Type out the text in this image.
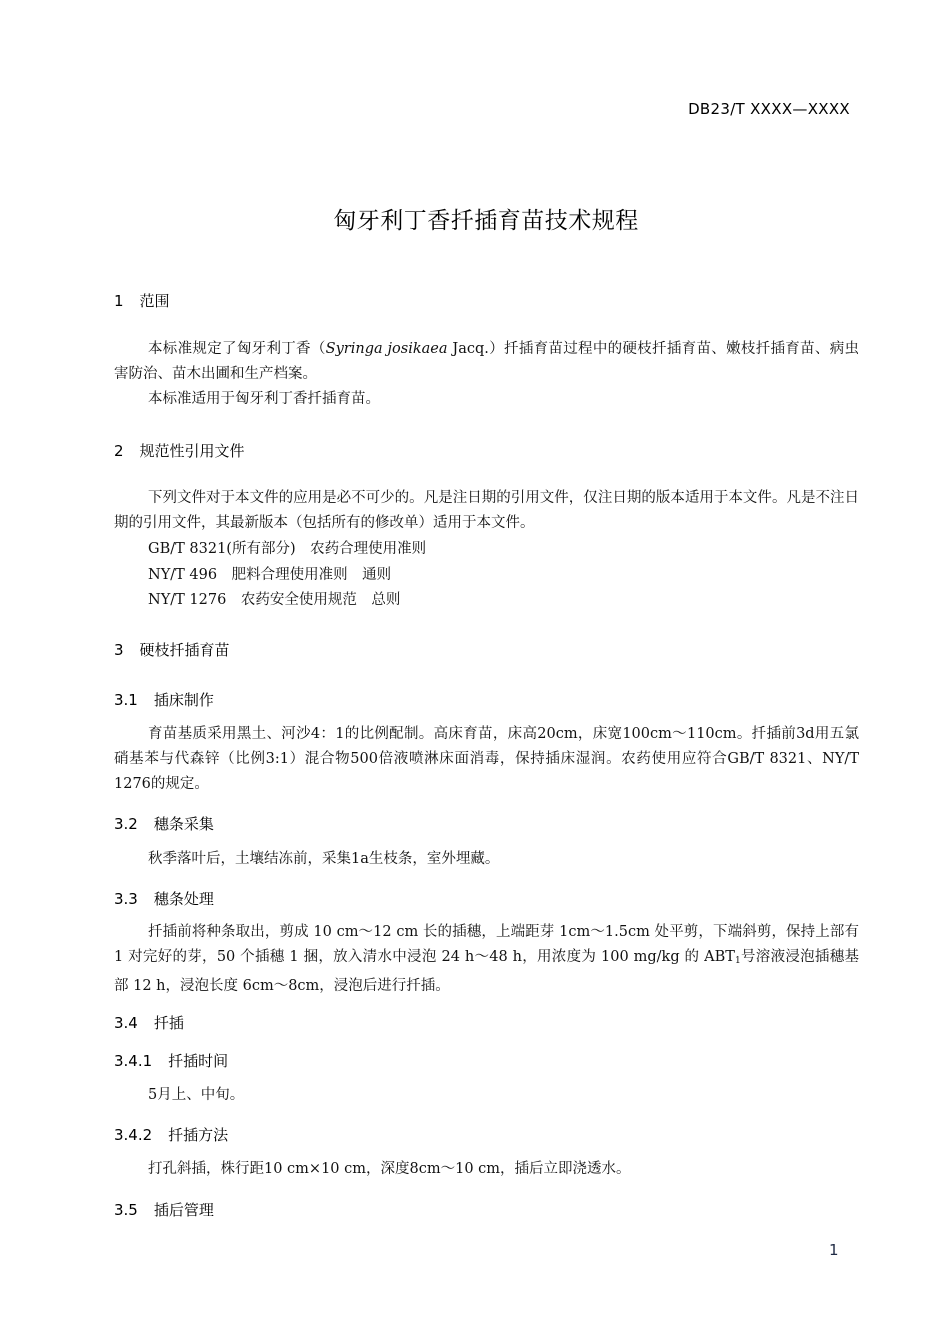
DB23/T XXXX—XXXX
匈牙利丁香扦插育苗技术规程
1 范围
本标准规定了匈牙利丁香（Syringa josikaea Jacq.）扦插育苗过程中的硬枝扦插育苗、嫩枝扦插育苗、病虫害防治、苗木出圃和生产档案。
本标准适用于匈牙利丁香扦插育苗。
2 规范性引用文件
下列文件对于本文件的应用是必不可少的。凡是注日期的引用文件，仅注日期的版本适用于本文件。凡是不注日期的引用文件，其最新版本（包括所有的修改单）适用于本文件。
GB/T 8321(所有部分)　农药合理使用准则
NY/T 496　肥料合理使用准则　通则
NY/T 1276　农药安全使用规范　总则
3 硬枝扦插育苗
3.1 插床制作
育苗基质采用黑土、河沙4：1的比例配制。高床育苗，床高20cm，床宽100cm～110cm。扦插前3d用五氯硝基苯与代森锌（比例3:1）混合物500倍液喷淋床面消毒，保持插床湿润。农药使用应符合GB/T 8321、NY/T 1276的规定。
3.2 穗条采集
秋季落叶后，土壤结冻前，采集1a生枝条，室外埋藏。
3.3 穗条处理
扦插前将种条取出，剪成 10 cm～12 cm 长的插穗，上端距芽 1cm～1.5cm 处平剪，下端斜剪，保持上部有 1 对完好的芽，50 个插穗 1 捆，放入清水中浸泡 24 h～48 h，用浓度为 100 mg/kg 的 $ABT_1$号溶液浸泡插穗基部 12 h，浸泡长度 6cm～8cm，浸泡后进行扦插。
3.4 扦插
3.4.1 扦插时间
5月上、中旬。
3.4.2 扦插方法
打孔斜插，株行距10 cm×10 cm，深度8cm～10 cm，插后立即浇透水。
3.5 插后管理
1
